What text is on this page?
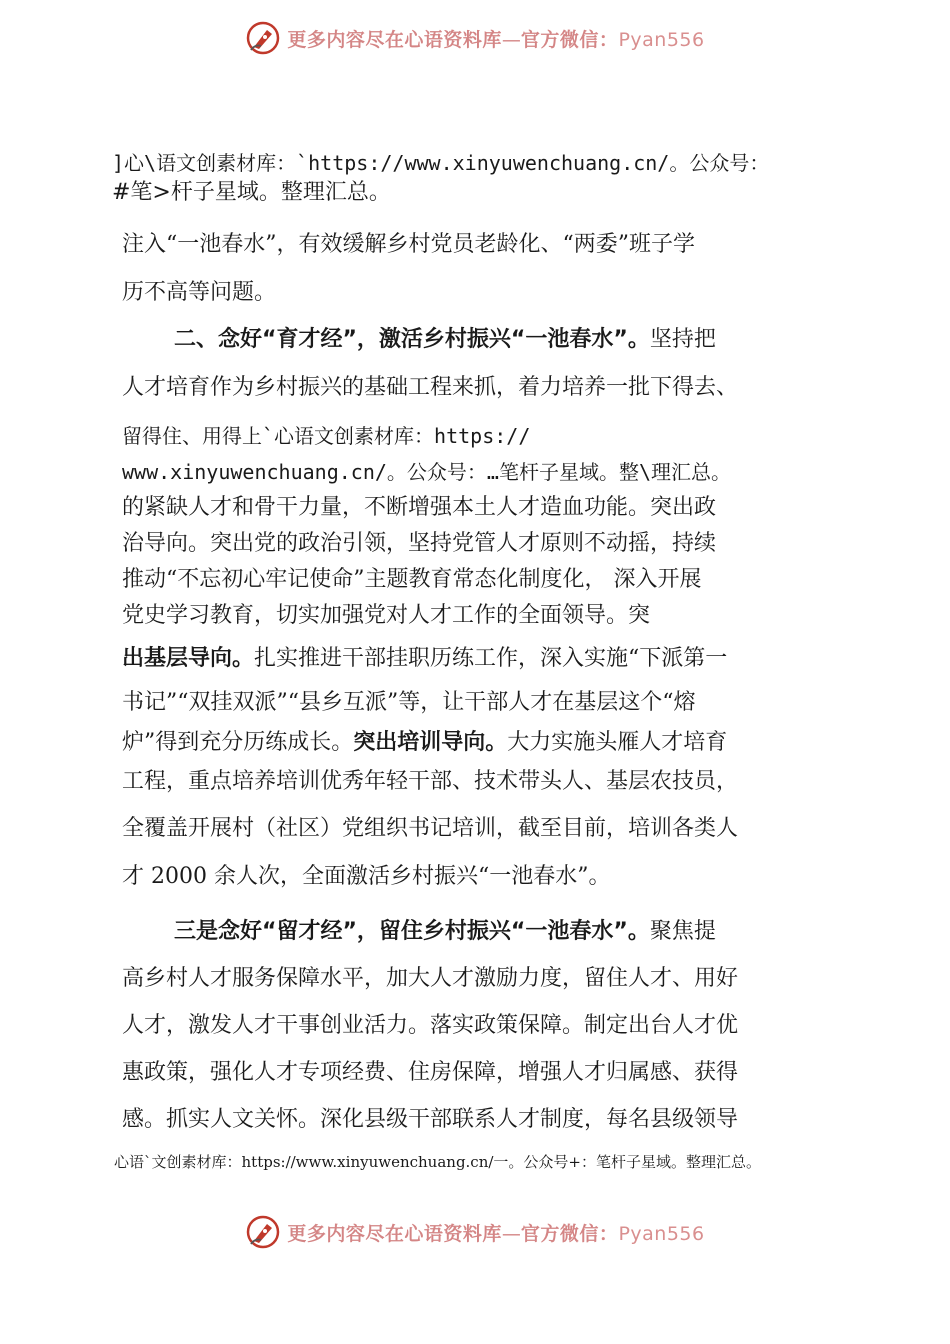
更多内容尽在心语资料库—官方微信：Pyan556
]心\语文创素材库：`https://www.xinyuwenchuang.cn/。公众号：
#笔>杆子星域。整理汇总。
注入“一池春水”，有效缓解乡村党员老龄化、“两委”班子学
历不高等问题。
二、念好“育才经”，激活乡村振兴“一池春水”。坚持把
人才培育作为乡村振兴的基础工程来抓，着力培养一批下得去、
留得住、用得上`心语文创素材库：https://
www.xinyuwenchuang.cn/。公众号：…笔杆子星域。整\理汇总。
的紧缺人才和骨干力量，不断增强本土人才造血功能。突出政
治导向。突出党的政治引领，坚持党管人才原则不动摇，持续
推动“不忘初心牢记使命”主题教育常态化制度化， 深入开展
党史学习教育，切实加强党对人才工作的全面领导。突
出基层导向。扎实推进干部挂职历练工作，深入实施“下派第一
书记”“双挂双派”“县乡互派”等，让干部人才在基层这个“熔
炉”得到充分历练成长。突出培训导向。大力实施头雁人才培育
工程，重点培养培训优秀年轻干部、技术带头人、基层农技员，
全覆盖开展村（社区）党组织书记培训，截至目前，培训各类人
才 2000 余人次，全面激活乡村振兴“一池春水”。
三是念好“留才经”，留住乡村振兴“一池春水”。聚焦提
高乡村人才服务保障水平，加大人才激励力度，留住人才、用好
人才，激发人才干事创业活力。落实政策保障。制定出台人才优
惠政策，强化人才专项经费、住房保障，增强人才归属感、获得
感。抓实人文关怀。深化县级干部联系人才制度，每名县级领导
心语`文创素材库：https://www.xinyuwenchuang.cn/一。公众号+：笔杆子星域。整理汇总。
更多内容尽在心语资料库—官方微信：Pyan556
